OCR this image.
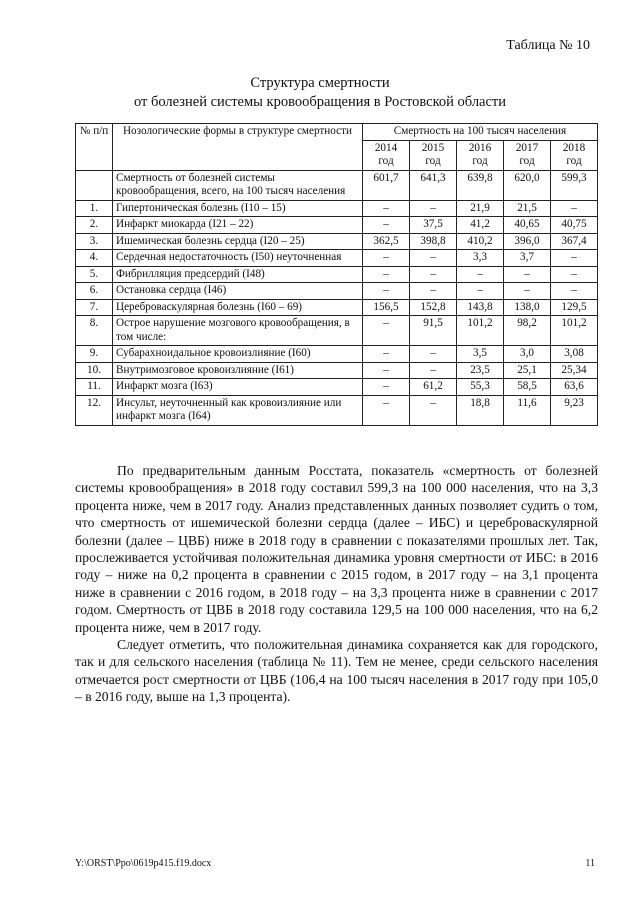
Таблица № 10
Структура смертности
от болезней системы кровообращения в Ростовской области
№ п/п	Нозологические формы в структуре смертности	Смертность на 100 тысяч населения				
		2014 год	2015 год	2016 год	2017 год	2018 год
	Смертность от болезней системы кровообращения, всего, на 100 тысяч населения	601,7	641,3	639,8	620,0	599,3
1.	Гипертоническая болезнь (I10 – 15)	–	–	21,9	21,5	–
2.	Инфаркт миокарда (I21 – 22)	–	37,5	41,2	40,65	40,75
3.	Ишемическая болезнь сердца (I20 – 25)	362,5	398,8	410,2	396,0	367,4
4.	Сердечная недостаточность (I50) неуточненная	–	–	3,3	3,7	–
5.	Фибрилляция предсердий (I48)	–	–	–	–	–
6.	Остановка сердца (I46)	–	–	–	–	–
7.	Цереброваскулярная болезнь (I60 – 69)	156,5	152,8	143,8	138,0	129,5
8.	Острое нарушение мозгового кровообращения, в том числе:	–	91,5	101,2	98,2	101,2
9.	Субарахноидальное кровоизлияние (I60)	–	–	3,5	3,0	3,08
10.	Внутримозговое кровоизлияние (I61)	–	–	23,5	25,1	25,34
11.	Инфаркт мозга (I63)	–	61,2	55,3	58,5	63,6
12.	Инсульт, неуточненный как кровоизлияние или инфаркт мозга (I64)	–	–	18,8	11,6	9,23

По предварительным данным Росстата, показатель «смертность от болезней системы кровообращения» в 2018 году составил 599,3 на 100 000 населения, что на 3,3 процента ниже, чем в 2017 году. Анализ представленных данных позволяет судить о том, что смертность от ишемической болезни сердца (далее – ИБС) и цереброваскулярной болезни (далее – ЦВБ) ниже в 2018 году в сравнении с показателями прошлых лет. Так, прослеживается устойчивая положительная динамика уровня смертности от ИБС: в 2016 году – ниже на 0,2 процента в сравнении с 2015 годом, в 2017 году – на 3,1 процента ниже в сравнении с 2016 годом, в 2018 году – на 3,3 процента ниже в сравнении с 2017 годом. Смертность от ЦВБ в 2018 году составила 129,5 на 100 000 населения, что на 6,2 процента ниже, чем в 2017 году.

Следует отметить, что положительная динамика сохраняется как для городского, так и для сельского населения (таблица № 11). Тем не менее, среди сельского населения отмечается рост смертности от ЦВБ (106,4 на 100 тысяч населения в 2017 году при 105,0 – в 2016 году, выше на 1,3 процента).

Y:\ORST\Ppo\0619p415.f19.docx	11
